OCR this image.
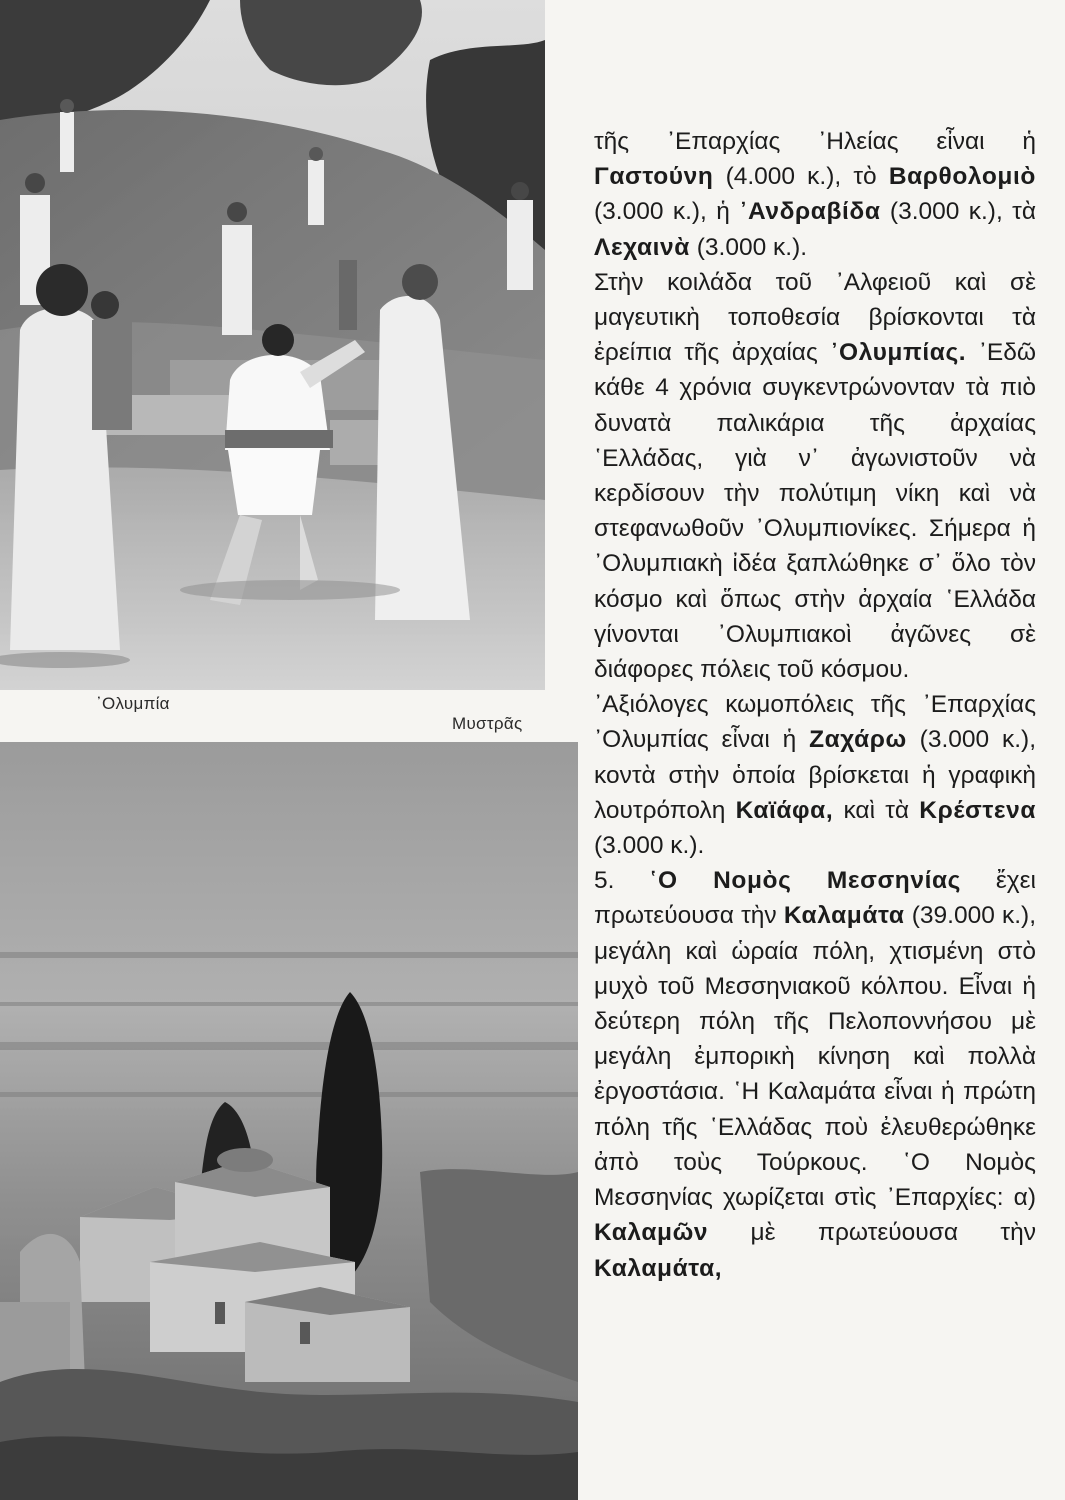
᾿Ολυμπία
Μυστρᾶς

τῆς ᾿Επαρχίας ᾿Ηλείας εἶναι ἡ Γαστούνη (4.000 κ.), τὸ Βαρθολομιὸ (3.000 κ.), ἡ ᾿Ανδραβίδα (3.000 κ.), τὰ Λεχαινὰ (3.000 κ.).

Στὴν κοιλάδα τοῦ ᾿Αλφειοῦ καὶ σὲ μαγευτικὴ τοποθεσία βρίσκονται τὰ ἐρείπια τῆς ἀρχαίας ᾿Ολυμπίας. ᾿Εδῶ κάθε 4 χρόνια συγκεντρώνονταν τὰ πιὸ δυνατὰ παλικάρια τῆς ἀρχαίας ῾Ελλάδας, γιὰ ν᾿ ἀγωνιστοῦν νὰ κερδίσουν τὴν πολύτιμη νίκη καὶ νὰ στεφανωθοῦν ᾿Ολυμπιονίκες. Σήμερα ἡ ᾿Ολυμπιακὴ ἰδέα ξαπλώθηκε σ᾿ ὅλο τὸν κόσμο καὶ ὅπως στὴν ἀρχαία ῾Ελλάδα γίνονται ᾿Ολυμπιακοὶ ἀγῶνες σὲ διάφορες πόλεις τοῦ κόσμου.

᾿Αξιόλογες κωμοπόλεις τῆς ᾿Επαρχίας ᾿Ολυμπίας εἶναι ἡ Ζαχάρω (3.000 κ.), κοντὰ στὴν ὁποία βρίσκεται ἡ γραφικὴ λουτρόπολη Καϊάφα, καὶ τὰ Κρέστενα (3.000 κ.).

5. ῾Ο Νομὸς Μεσσηνίας ἔχει πρωτεύουσα τὴν Καλαμάτα (39.000 κ.), μεγάλη καὶ ὡραία πόλη, χτισμένη στὸ μυχὸ τοῦ Μεσσηνιακοῦ κόλπου. Εἶναι ἡ δεύτερη πόλη τῆς Πελοποννήσου μὲ μεγάλη ἐμπορικὴ κίνηση καὶ πολλὰ ἐργοστάσια. ῾Η Καλαμάτα εἶναι ἡ πρώτη πόλη τῆς ῾Ελλάδας ποὺ ἐλευθερώθηκε ἀπὸ τοὺς Τούρκους. ῾Ο Νομὸς Μεσσηνίας χωρίζεται στὶς ᾿Επαρχίες: α) Καλαμῶν μὲ πρωτεύουσα τὴν Καλαμάτα,
